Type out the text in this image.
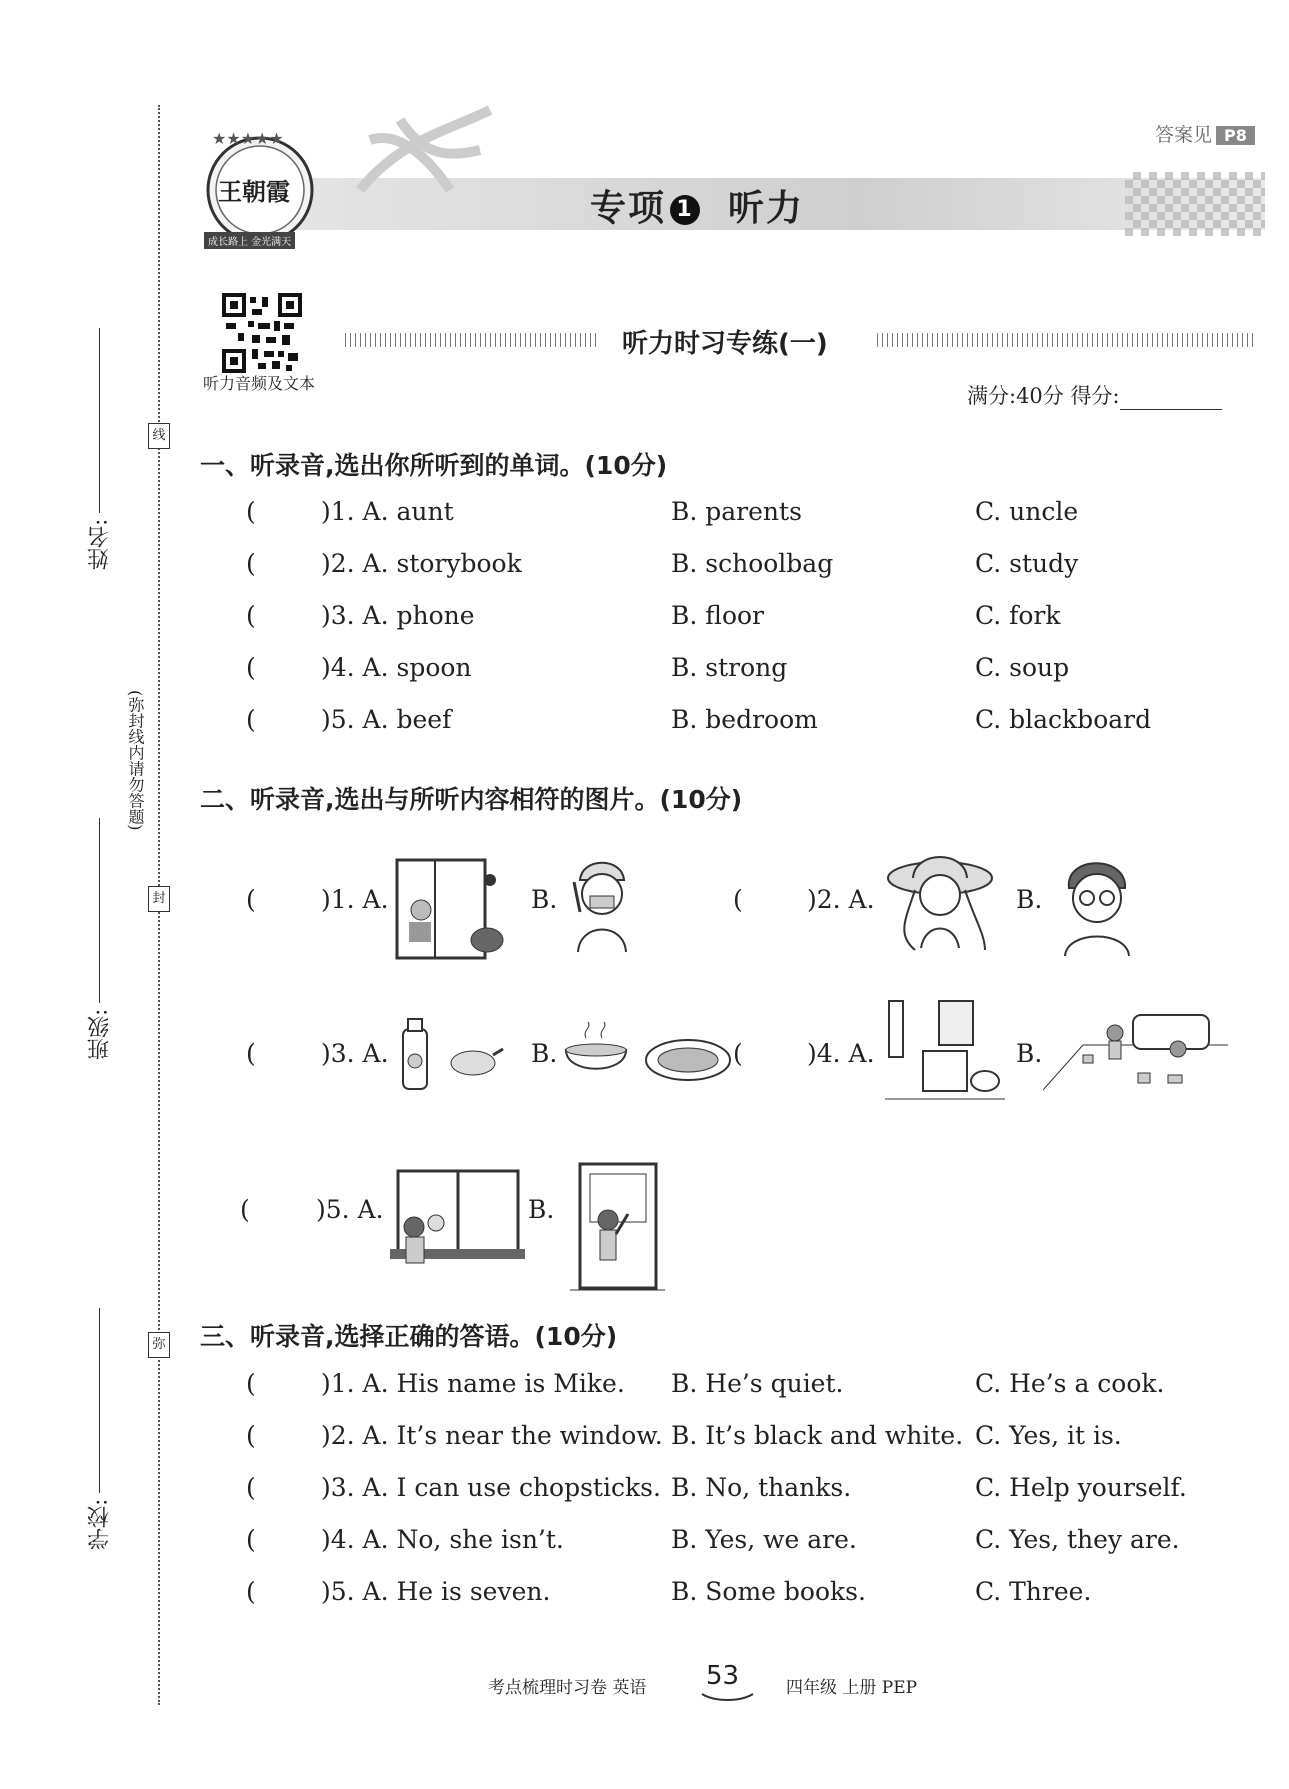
线
封
弥
姓名:
班级:
学校:
(弥封线内请勿答题)
★★★★★
王朝霞
成长路上 金光满天
专项 1 听力
答案见 P8
听力音频及文本
听力时习专练(一)
满分:40分 得分:
一、听录音,选出你所听到的单词。(10分)
(	)1. A. aunt	B. parents	C. uncle
(	)2. A. storybook	B. schoolbag	C. study
(	)3. A. phone	B. floor	C. fork
(	)4. A. spoon	B. strong	C. soup
(	)5. A. beef	B. bedroom	C. blackboard
二、听录音,选出与所听内容相符的图片。(10分)
(	)1. A.	B.	(	)2. A.	B.
(	)3. A.	B.	(	)4. A.	B.
(	)5. A.	B.
三、听录音,选择正确的答语。(10分)
(	)1. A. His name is Mike. B. He’s quiet.	C. He’s a cook.
(	)2. A. It’s near the window. B. It’s black and white. C. Yes, it is.
(	)3. A. I can use chopsticks. B. No, thanks.	C. Help yourself.
(	)4. A. No, she isn’t.	B. Yes, we are.	C. Yes, they are.
(	)5. A. He is seven.	B. Some books.	C. Three.
考点梳理时习卷 英语 53	四年级 上册 PEP
